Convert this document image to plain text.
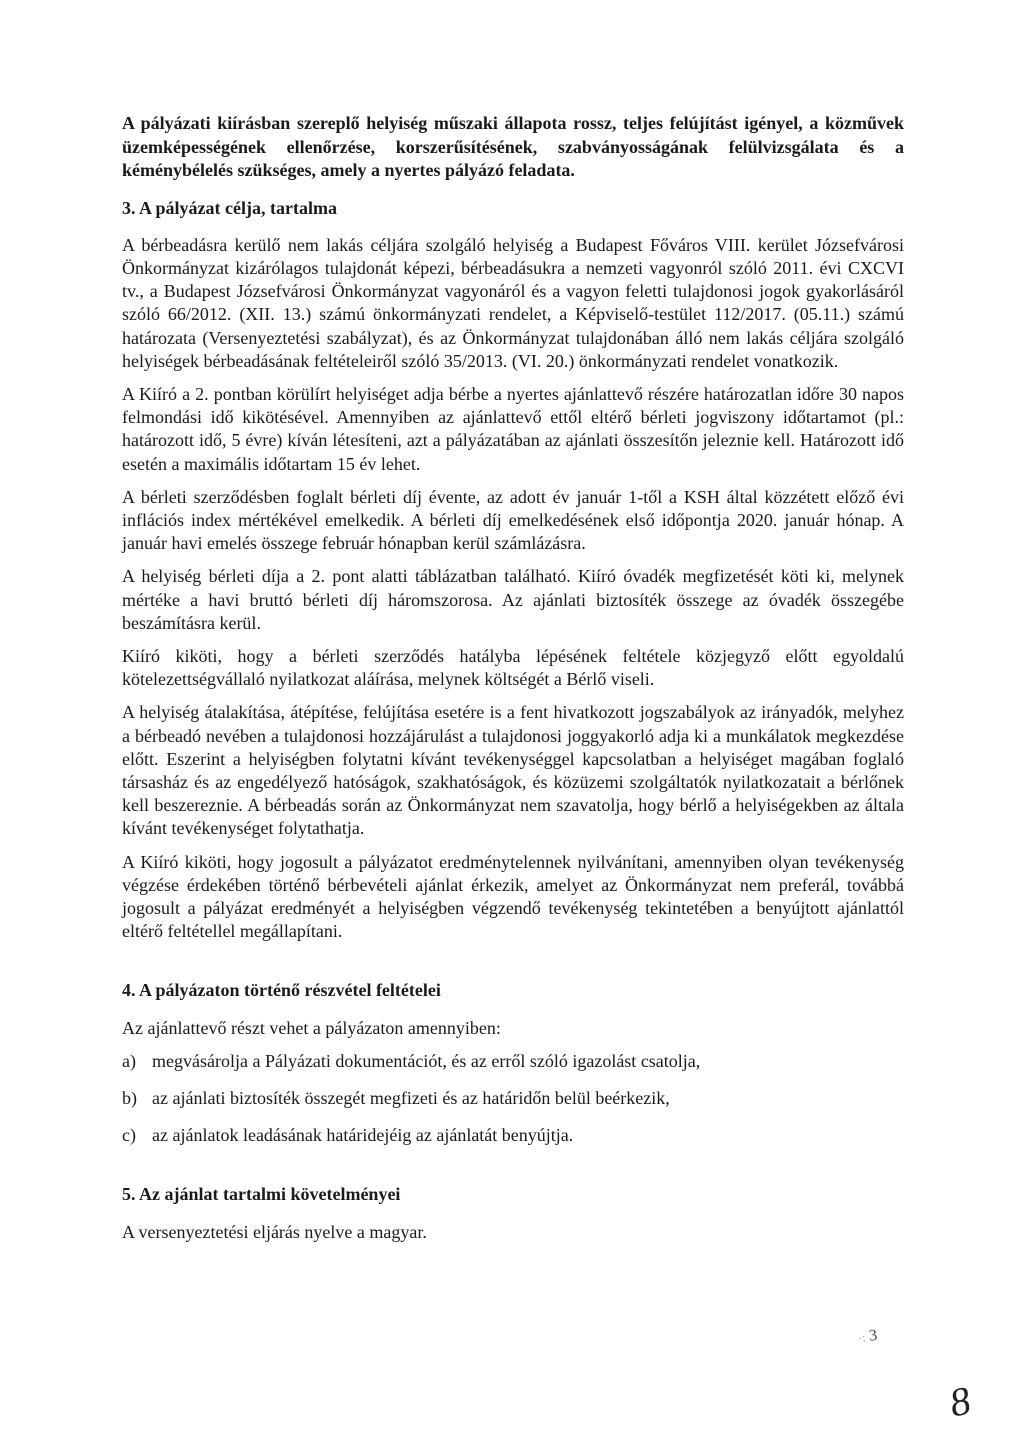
A pályázati kiírásban szereplő helyiség műszaki állapota rossz, teljes felújítást igényel, a közművek üzemképességének ellenőrzése, korszerűsítésének, szabványosságának felülvizsgálata és a kéménybélelés szükséges, amely a nyertes pályázó feladata.

3. A pályázat célja, tartalma

A bérbeadásra kerülő nem lakás céljára szolgáló helyiség a Budapest Főváros VIII. kerület Józsefvárosi Önkormányzat kizárólagos tulajdonát képezi, bérbeadásukra a nemzeti vagyonról szóló 2011. évi CXCVI tv., a Budapest Józsefvárosi Önkormányzat vagyonáról és a vagyon feletti tulajdonosi jogok gyakorlásáról szóló 66/2012. (XII. 13.) számú önkormányzati rendelet, a Képviselő-testület 112/2017. (05.11.) számú határozata (Versenyeztetési szabályzat), és az Önkormányzat tulajdonában álló nem lakás céljára szolgáló helyiségek bérbeadásának feltételeiről szóló 35/2013. (VI. 20.) önkormányzati rendelet vonatkozik.

A Kiíró a 2. pontban körülírt helyiséget adja bérbe a nyertes ajánlattevő részére határozatlan időre 30 napos felmondási idő kikötésével. Amennyiben az ajánlattevő ettől eltérő bérleti jogviszony időtartamot (pl.: határozott idő, 5 évre) kíván létesíteni, azt a pályázatában az ajánlati összesítőn jeleznie kell. Határozott idő esetén a maximális időtartam 15 év lehet.

A bérleti szerződésben foglalt bérleti díj évente, az adott év január 1-től a KSH által közzétett előző évi inflációs index mértékével emelkedik. A bérleti díj emelkedésének első időpontja 2020. január hónap. A január havi emelés összege február hónapban kerül számlázásra.

A helyiség bérleti díja a 2. pont alatti táblázatban található. Kiíró óvadék megfizetését köti ki, melynek mértéke a havi bruttó bérleti díj háromszorosa. Az ajánlati biztosíték összege az óvadék összegébe beszámításra kerül.

Kiíró kiköti, hogy a bérleti szerződés hatályba lépésének feltétele közjegyző előtt egyoldalú kötelezettségvállaló nyilatkozat aláírása, melynek költségét a Bérlő viseli.

A helyiség átalakítása, átépítése, felújítása esetére is a fent hivatkozott jogszabályok az irányadók, melyhez a bérbeadó nevében a tulajdonosi hozzájárulást a tulajdonosi joggyakorló adja ki a munkálatok megkezdése előtt. Eszerint a helyiségben folytatni kívánt tevékenységgel kapcsolatban a helyiséget magában foglaló társasház és az engedélyező hatóságok, szakhatóságok, és közüzemi szolgáltatók nyilatkozatait a bérlőnek kell beszereznie. A bérbeadás során az Önkormányzat nem szavatolja, hogy bérlő a helyiségekben az általa kívánt tevékenységet folytathatja.

A Kiíró kiköti, hogy jogosult a pályázatot eredménytelennek nyilvánítani, amennyiben olyan tevékenység végzése érdekében történő bérbevételi ajánlat érkezik, amelyet az Önkormányzat nem preferál, továbbá jogosult a pályázat eredményét a helyiségben végzendő tevékenység tekintetében a benyújtott ajánlattól eltérő feltétellel megállapítani.

4. A pályázaton történő részvétel feltételei

Az ajánlattevő részt vehet a pályázaton amennyiben:

a) megvásárolja a Pályázati dokumentációt, és az erről szóló igazolást csatolja,
b) az ajánlati biztosíték összegét megfizeti és az határidőn belül beérkezik,
c) az ajánlatok leadásának határidejéig az ajánlatát benyújtja.
5. Az ajánlat tartalmi követelményei

A versenyeztetési eljárás nyelve a magyar.

·: 3
8
